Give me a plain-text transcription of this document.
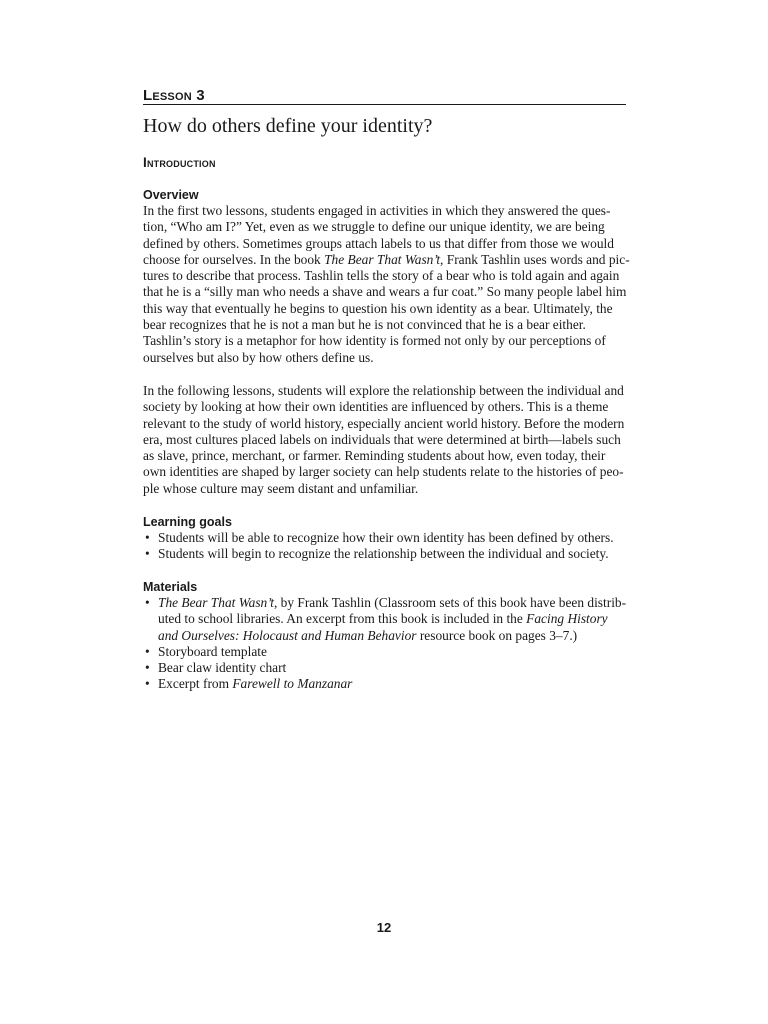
Lesson 3
How do others define your identity?
Introduction
Overview

In the first two lessons, students engaged in activities in which they answered the ques-
tion, “Who am I?” Yet, even as we struggle to define our unique identity, we are being
defined by others. Sometimes groups attach labels to us that differ from those we would
choose for ourselves. In the book The Bear That Wasn’t, Frank Tashlin uses words and pic-
tures to describe that process. Tashlin tells the story of a bear who is told again and again
that he is a “silly man who needs a shave and wears a fur coat.” So many people label him
this way that eventually he begins to question his own identity as a bear. Ultimately, the
bear recognizes that he is not a man but he is not convinced that he is a bear either.
Tashlin’s story is a metaphor for how identity is formed not only by our perceptions of
ourselves but also by how others define us.

In the following lessons, students will explore the relationship between the individual and
society by looking at how their own identities are influenced by others. This is a theme
relevant to the study of world history, especially ancient world history. Before the modern
era, most cultures placed labels on individuals that were determined at birth—labels such
as slave, prince, merchant, or farmer. Reminding students about how, even today, their
own identities are shaped by larger society can help students relate to the histories of peo-
ple whose culture may seem distant and unfamiliar.

Learning goals
• Students will be able to recognize how their own identity has been defined by others.
• Students will begin to recognize the relationship between the individual and society.
Materials
• The Bear That Wasn’t, by Frank Tashlin (Classroom sets of this book have been distrib-
uted to school libraries. An excerpt from this book is included in the Facing History
and Ourselves: Holocaust and Human Behavior resource book on pages 3–7.)
• Storyboard template
• Bear claw identity chart
• Excerpt from Farewell to Manzanar
12
